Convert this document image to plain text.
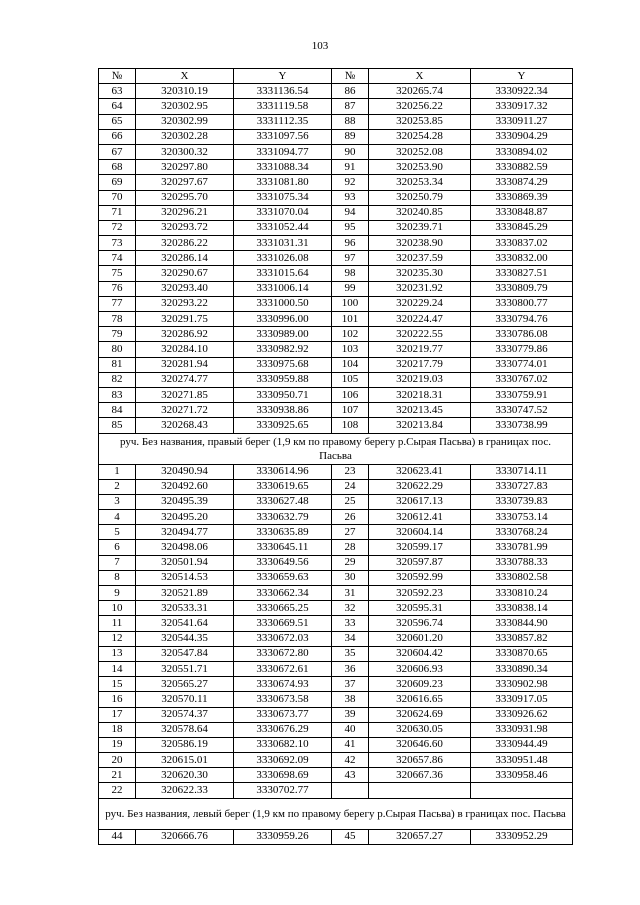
103
№	X	Y	№	X	Y
63	320310.19	3331136.54	86	320265.74	3330922.34
64	320302.95	3331119.58	87	320256.22	3330917.32
65	320302.99	3331112.35	88	320253.85	3330911.27
66	320302.28	3331097.56	89	320254.28	3330904.29
67	320300.32	3331094.77	90	320252.08	3330894.02
68	320297.80	3331088.34	91	320253.90	3330882.59
69	320297.67	3331081.80	92	320253.34	3330874.29
70	320295.70	3331075.34	93	320250.79	3330869.39
71	320296.21	3331070.04	94	320240.85	3330848.87
72	320293.72	3331052.44	95	320239.71	3330845.29
73	320286.22	3331031.31	96	320238.90	3330837.02
74	320286.14	3331026.08	97	320237.59	3330832.00
75	320290.67	3331015.64	98	320235.30	3330827.51
76	320293.40	3331006.14	99	320231.92	3330809.79
77	320293.22	3331000.50	100	320229.24	3330800.77
78	320291.75	3330996.00	101	320224.47	3330794.76
79	320286.92	3330989.00	102	320222.55	3330786.08
80	320284.10	3330982.92	103	320219.77	3330779.86
81	320281.94	3330975.68	104	320217.79	3330774.01
82	320274.77	3330959.88	105	320219.03	3330767.02
83	320271.85	3330950.71	106	320218.31	3330759.91
84	320271.72	3330938.86	107	320213.45	3330747.52
85	320268.43	3330925.65	108	320213.84	3330738.99
руч. Без названия, правый берег (1,9 км по правому берегу р.Сырая Пасьва) в границах пос. Пасьва					
1	320490.94	3330614.96	23	320623.41	3330714.11
2	320492.60	3330619.65	24	320622.29	3330727.83
3	320495.39	3330627.48	25	320617.13	3330739.83
4	320495.20	3330632.79	26	320612.41	3330753.14
5	320494.77	3330635.89	27	320604.14	3330768.24
6	320498.06	3330645.11	28	320599.17	3330781.99
7	320501.94	3330649.56	29	320597.87	3330788.33
8	320514.53	3330659.63	30	320592.99	3330802.58
9	320521.89	3330662.34	31	320592.23	3330810.24
10	320533.31	3330665.25	32	320595.31	3330838.14
11	320541.64	3330669.51	33	320596.74	3330844.90
12	320544.35	3330672.03	34	320601.20	3330857.82
13	320547.84	3330672.80	35	320604.42	3330870.65
14	320551.71	3330672.61	36	320606.93	3330890.34
15	320565.27	3330674.93	37	320609.23	3330902.98
16	320570.11	3330673.58	38	320616.65	3330917.05
17	320574.37	3330673.77	39	320624.69	3330926.62
18	320578.64	3330676.29	40	320630.05	3330931.98
19	320586.19	3330682.10	41	320646.60	3330944.49
20	320615.01	3330692.09	42	320657.86	3330951.48
21	320620.30	3330698.69	43	320667.36	3330958.46
22	320622.33	3330702.77			
руч. Без названия, левый берег (1,9 км по правому берегу р.Сырая Пасьва) в границах пос. Пасьва					
44	320666.76	3330959.26	45	320657.27	3330952.29
